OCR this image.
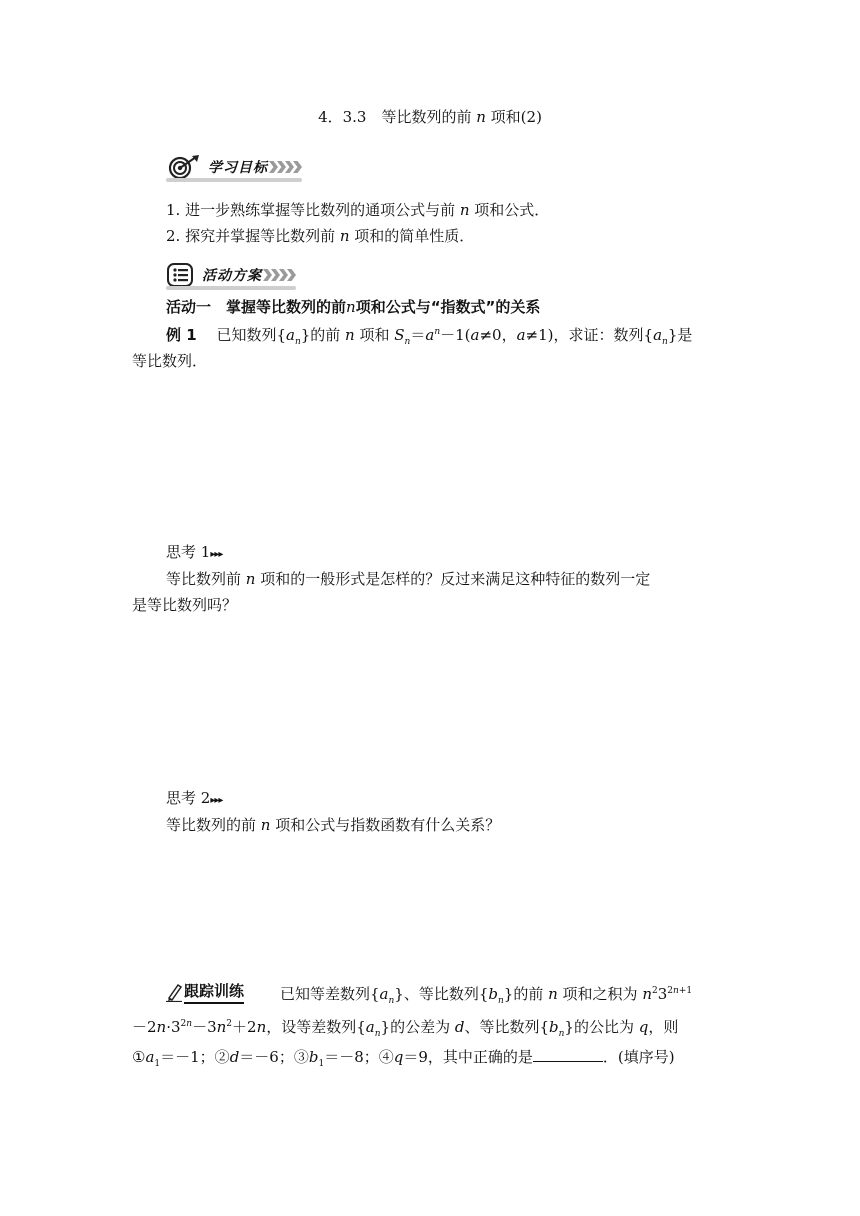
4．3.3　等比数列的前 n 项和(2)
学习目标
1. 进一步熟练掌握等比数列的通项公式与前 n 项和公式．
2. 探究并掌握等比数列前 n 项和的简单性质．
活动方案
活动一　掌握等比数列的前n项和公式与“指数式”的关系
例 1　 已知数列$\{a_n\}$的前 n 项和 $S_n=a^n-1(a\ne 0$，a≠1)，求证：数列$\{a_n\}$是
等比数列．
思考 1▸▸▸
等比数列前 n 项和的一般形式是怎样的？反过来满足这种特征的数列一定
是等比数列吗？
思考 2▸▸▸
等比数列的前 n 项和公式与指数函数有什么关系？
跟踪训练 已知等差数列$\{a_n\}$、等比数列$\{b_n\}$的前 n 项和之积为 $n^23^{2n+1}$
$-2n\cdot 3^{2n}-3n^2+2n$，设等差数列$\{a_n\}$的公差为 d、等比数列$\{b_n\}$的公比为 q，则
$①a_1=-1$；②d＝－6；$③b_1=-8$；④q＝9，其中正确的是	．(填序号)
